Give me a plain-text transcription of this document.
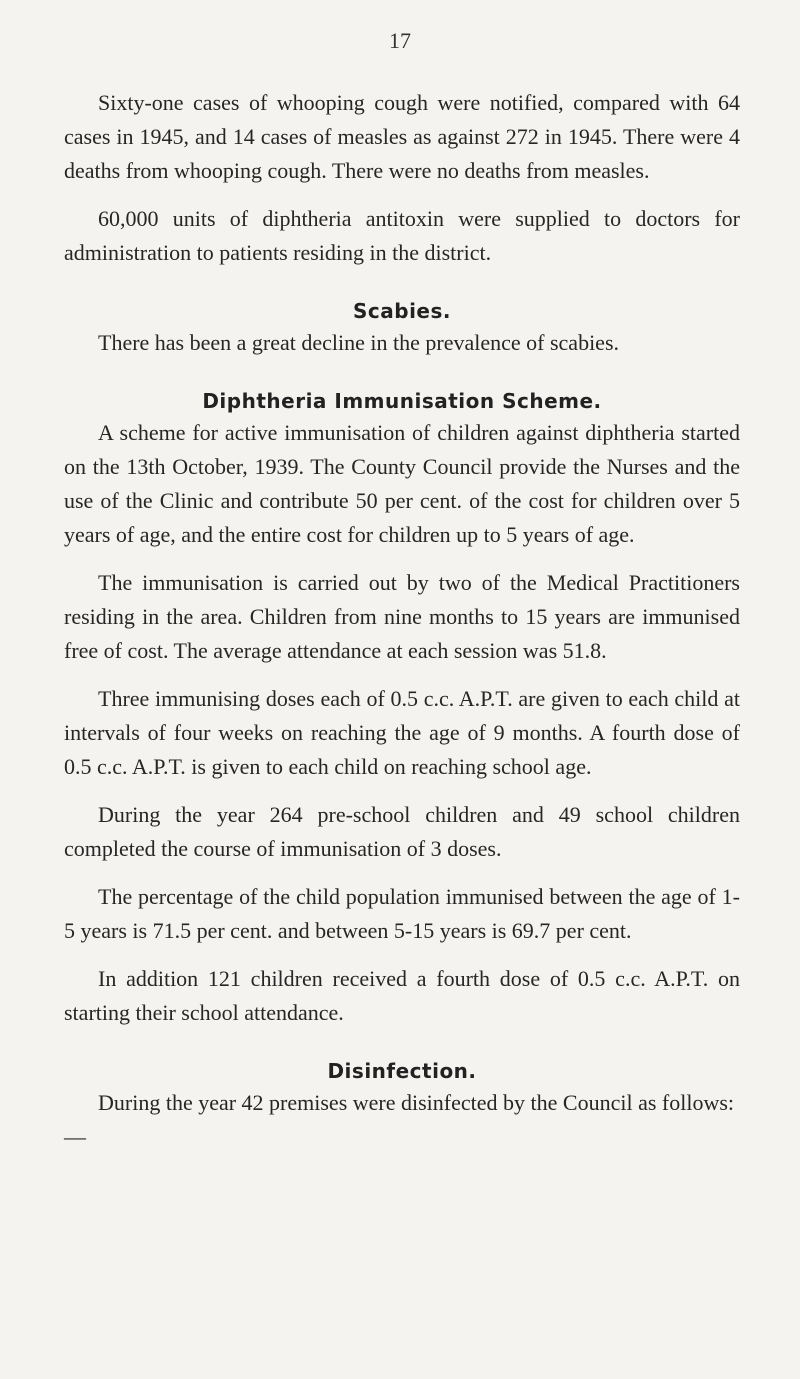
17

Sixty-one cases of whooping cough were notified, compared with 64 cases in 1945, and 14 cases of measles as against 272 in 1945. There were 4 deaths from whooping cough. There were no deaths from measles.

60,000 units of diphtheria antitoxin were supplied to doctors for administration to patients residing in the district.

Scabies.

There has been a great decline in the prevalence of scabies.

Diphtheria Immunisation Scheme.

A scheme for active immunisation of children against diphtheria started on the 13th October, 1939. The County Council provide the Nurses and the use of the Clinic and contribute 50 per cent. of the cost for children over 5 years of age, and the entire cost for children up to 5 years of age.

The immunisation is carried out by two of the Medical Practitioners residing in the area. Children from nine months to 15 years are immunised free of cost. The average attendance at each session was 51.8.

Three immunising doses each of 0.5 c.c. A.P.T. are given to each child at intervals of four weeks on reaching the age of 9 months. A fourth dose of 0.5 c.c. A.P.T. is given to each child on reaching school age.

During the year 264 pre-school children and 49 school children completed the course of immunisation of 3 doses.

The percentage of the child population immunised between the age of 1-5 years is 71.5 per cent. and between 5-15 years is 69.7 per cent.

In addition 121 children received a fourth dose of 0.5 c.c. A.P.T. on starting their school attendance.

Disinfection.

During the year 42 premises were disinfected by the Council as follows: —
